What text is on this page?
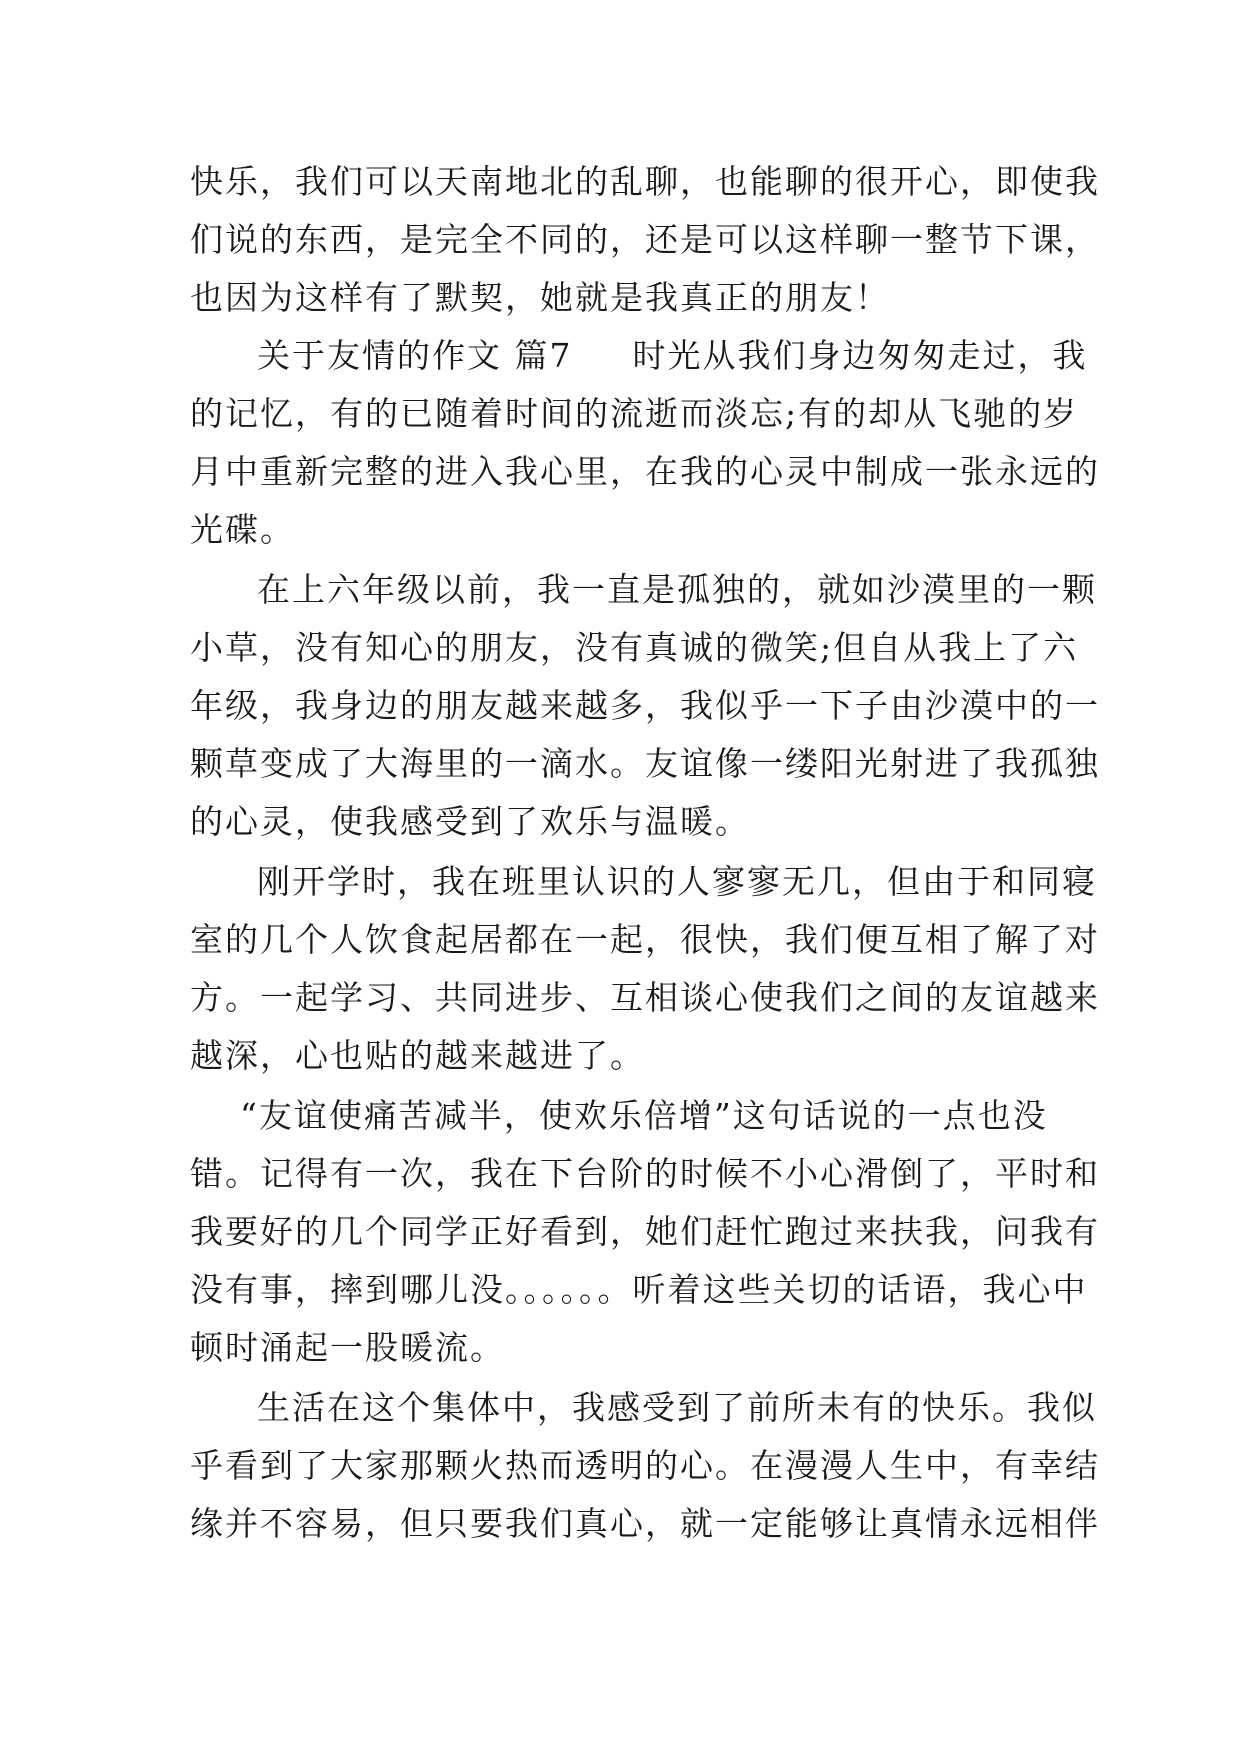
快乐，我们可以天南地北的乱聊，也能聊的很开心，即使我
们说的东西，是完全不同的，还是可以这样聊一整节下课，
也因为这样有了默契，她就是我真正的朋友！
关于友情的作文 篇7 时光从我们身边匆匆走过，我
的记忆，有的已随着时间的流逝而淡忘;有的却从飞驰的岁
月中重新完整的进入我心里，在我的心灵中制成一张永远的
光碟。
在上六年级以前，我一直是孤独的，就如沙漠里的一颗
小草，没有知心的朋友，没有真诚的微笑;但自从我上了六
年级，我身边的朋友越来越多，我似乎一下子由沙漠中的一
颗草变成了大海里的一滴水。友谊像一缕阳光射进了我孤独
的心灵，使我感受到了欢乐与温暖。
刚开学时，我在班里认识的人寥寥无几，但由于和同寝
室的几个人饮食起居都在一起，很快，我们便互相了解了对
方。一起学习、共同进步、互相谈心使我们之间的友谊越来
越深，心也贴的越来越进了。
“友谊使痛苦减半，使欢乐倍增”这句话说的一点也没
错。记得有一次，我在下台阶的时候不小心滑倒了，平时和
我要好的几个同学正好看到，她们赶忙跑过来扶我，问我有
没有事，摔到哪儿没。。。。。。听着这些关切的话语，我心中
顿时涌起一股暖流。
生活在这个集体中，我感受到了前所未有的快乐。我似
乎看到了大家那颗火热而透明的心。在漫漫人生中，有幸结
缘并不容易，但只要我们真心，就一定能够让真情永远相伴
